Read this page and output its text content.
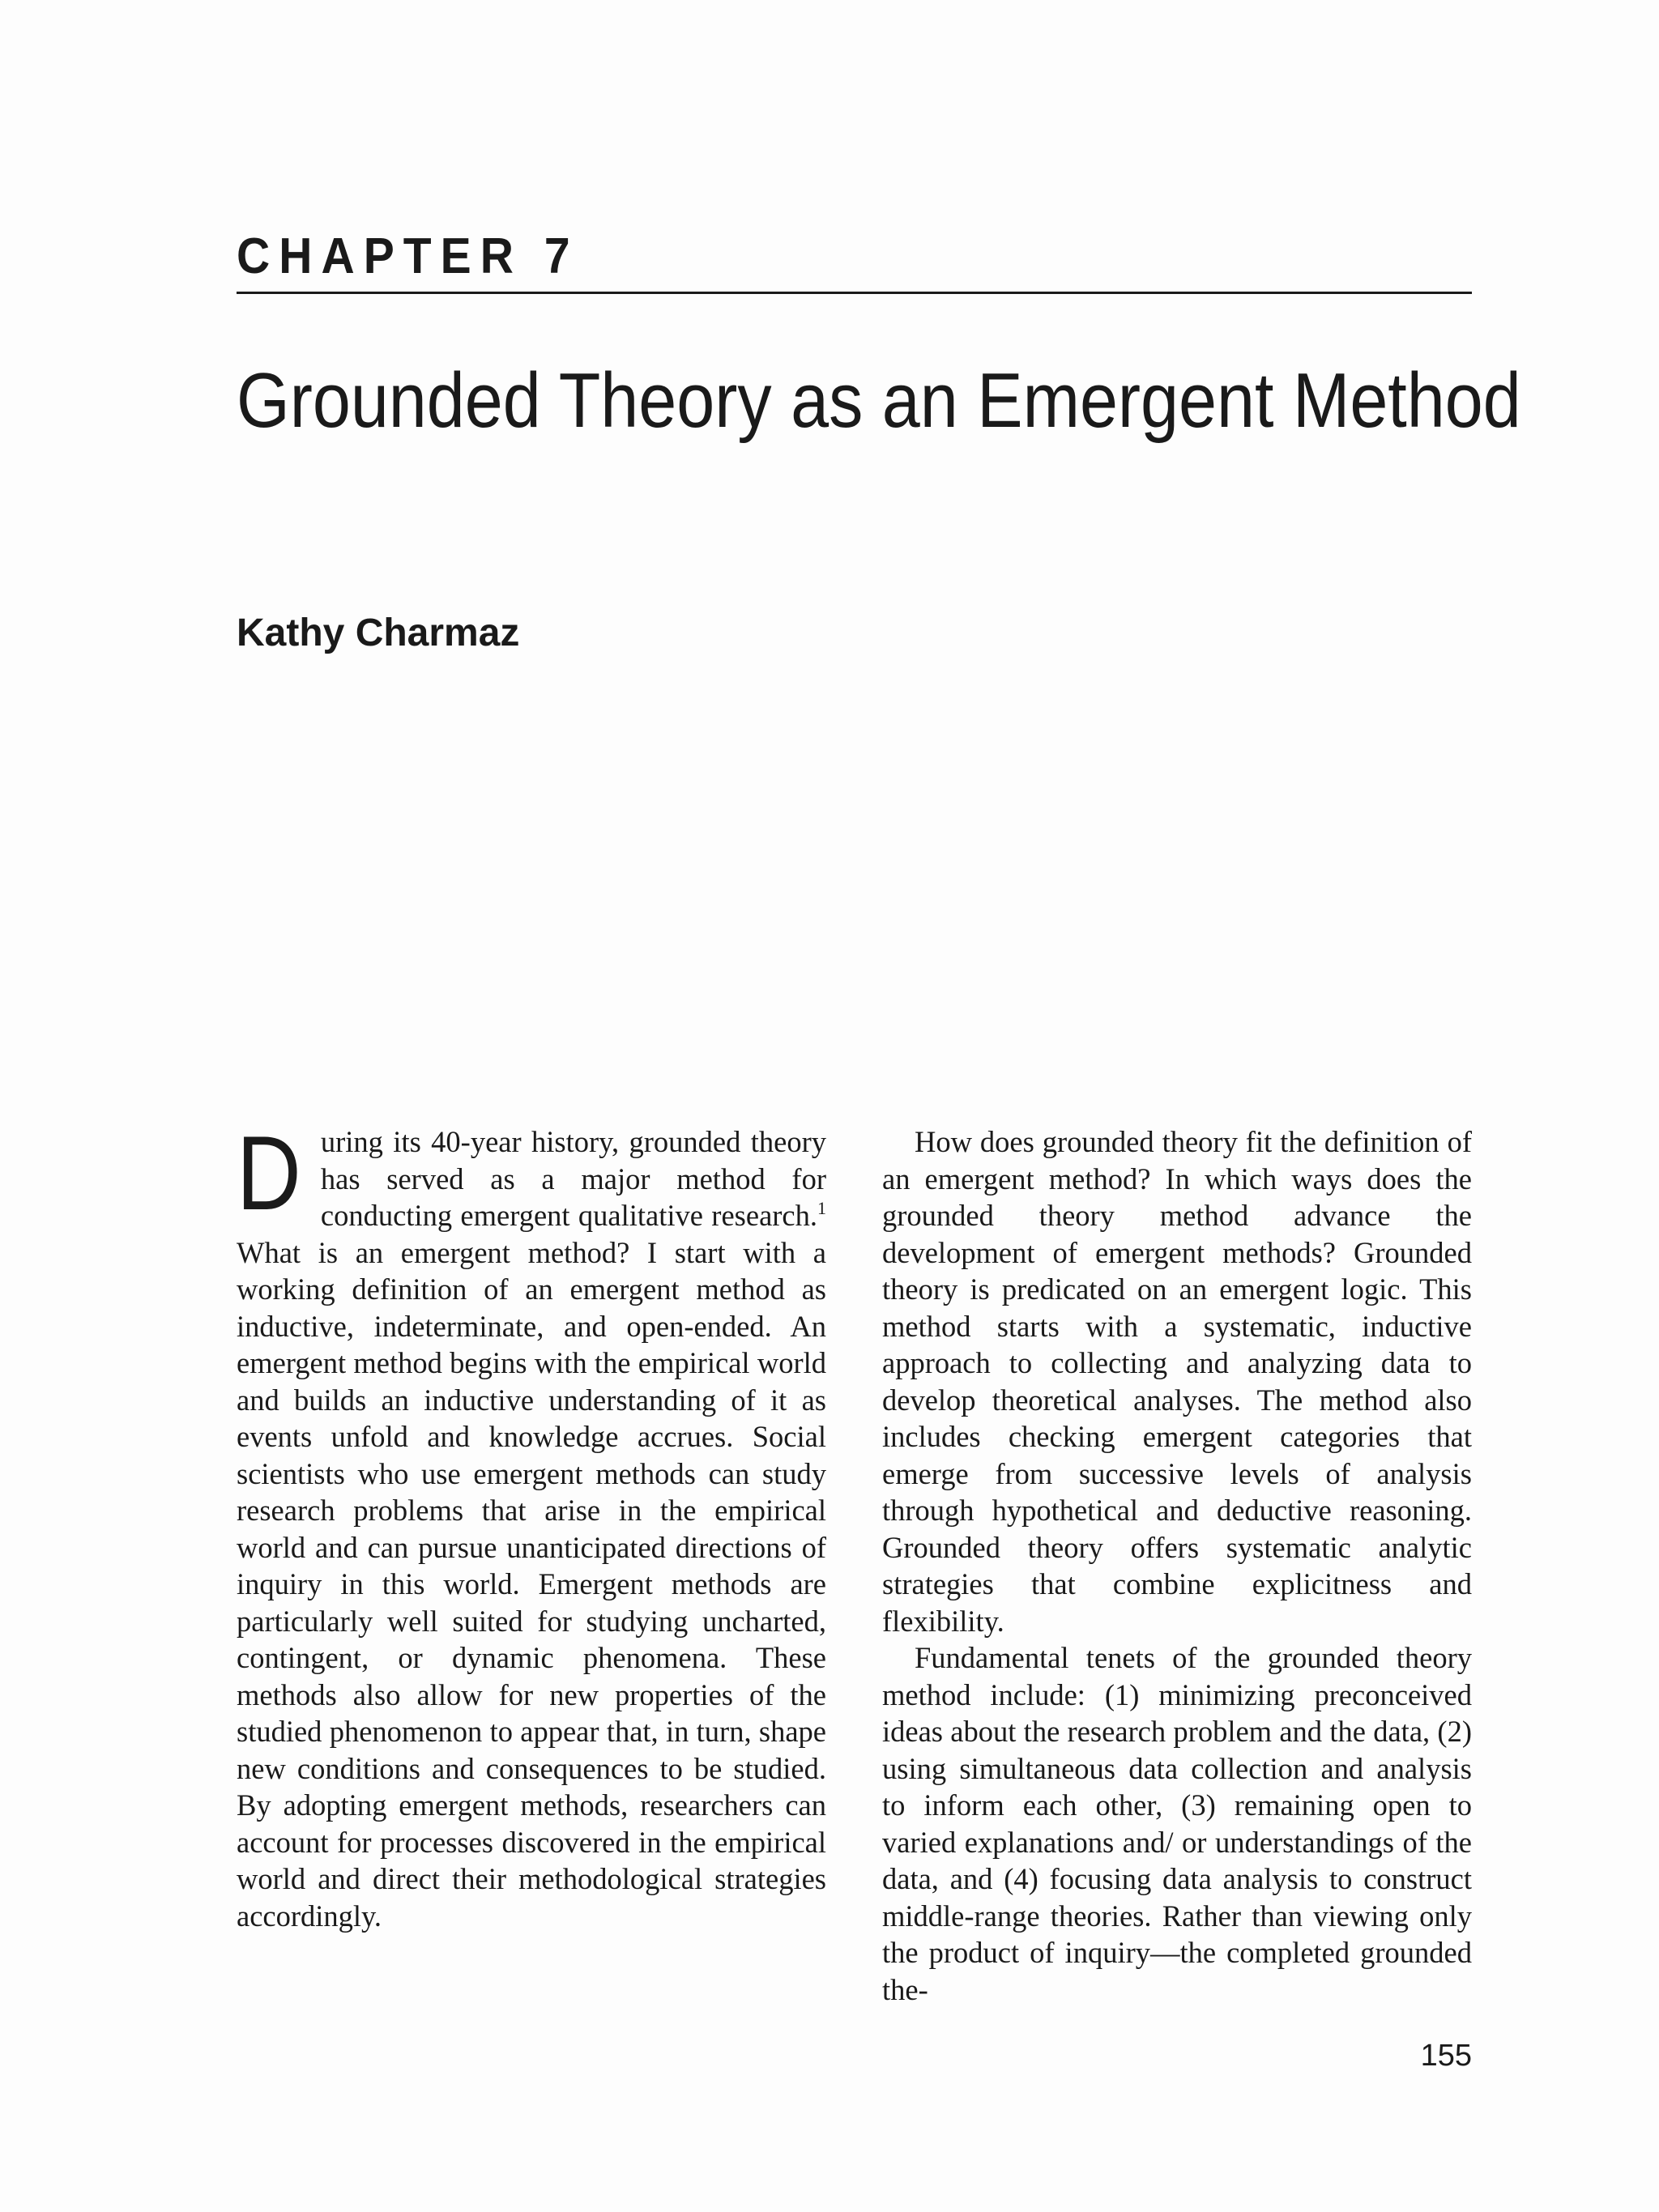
CHAPTER 7
Grounded Theory as an Emergent Method
Kathy Charmaz

During its 40-year history, grounded theory has served as a major method for conducting emergent qualitative research.$^1$ What is an emergent method? I start with a working definition of an emergent method as inductive, indeterminate, and open-ended. An emergent method begins with the empirical world and builds an inductive understanding of it as events unfold and knowledge accrues. Social scientists who use emergent methods can study research problems that arise in the empirical world and can pursue unanticipated directions of inquiry in this world. Emergent methods are particularly well suited for studying uncharted, contingent, or dynamic phenomena. These methods also allow for new properties of the studied phenomenon to appear that, in turn, shape new conditions and consequences to be studied. By adopting emergent methods, researchers can account for processes discovered in the empirical world and direct their methodological strategies accordingly.

How does grounded theory fit the definition of an emergent method? In which ways does the grounded theory method advance the development of emergent methods? Grounded theory is predicated on an emergent logic. This method starts with a systematic, inductive approach to collecting and analyzing data to develop theoretical analyses. The method also includes checking emergent categories that emerge from successive levels of analysis through hypothetical and deductive reasoning. Grounded theory offers systematic analytic strategies that combine explicitness and flexibility.

Fundamental tenets of the grounded theory method include: (1) minimizing preconceived ideas about the research problem and the data, (2) using simultaneous data collection and analysis to inform each other, (3) remaining open to varied explanations and/ or understandings of the data, and (4) focusing data analysis to construct middle-range theories. Rather than viewing only the product of inquiry—the completed grounded the-

155
